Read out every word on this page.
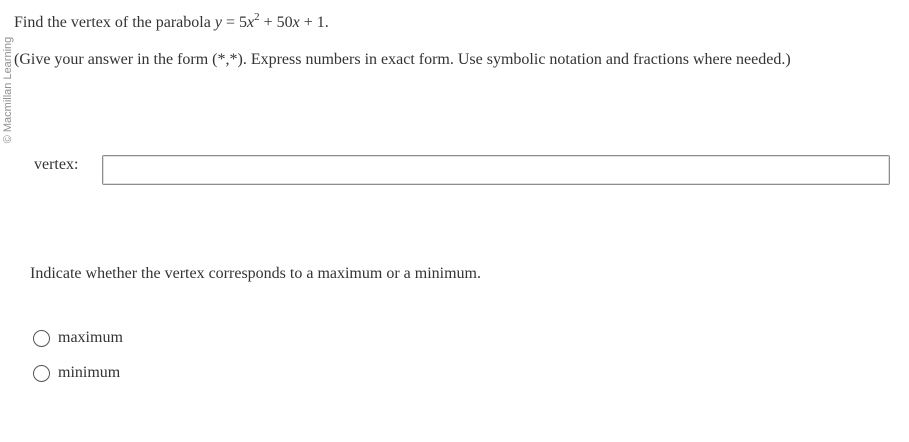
© Macmillan Learning
Find the vertex of the parabola $y = 5x^2 + 50x + 1$.
(Give your answer in the form (*,*). Express numbers in exact form. Use symbolic notation and fractions where needed.)
vertex:
Indicate whether the vertex corresponds to a maximum or a minimum.
maximum
minimum
